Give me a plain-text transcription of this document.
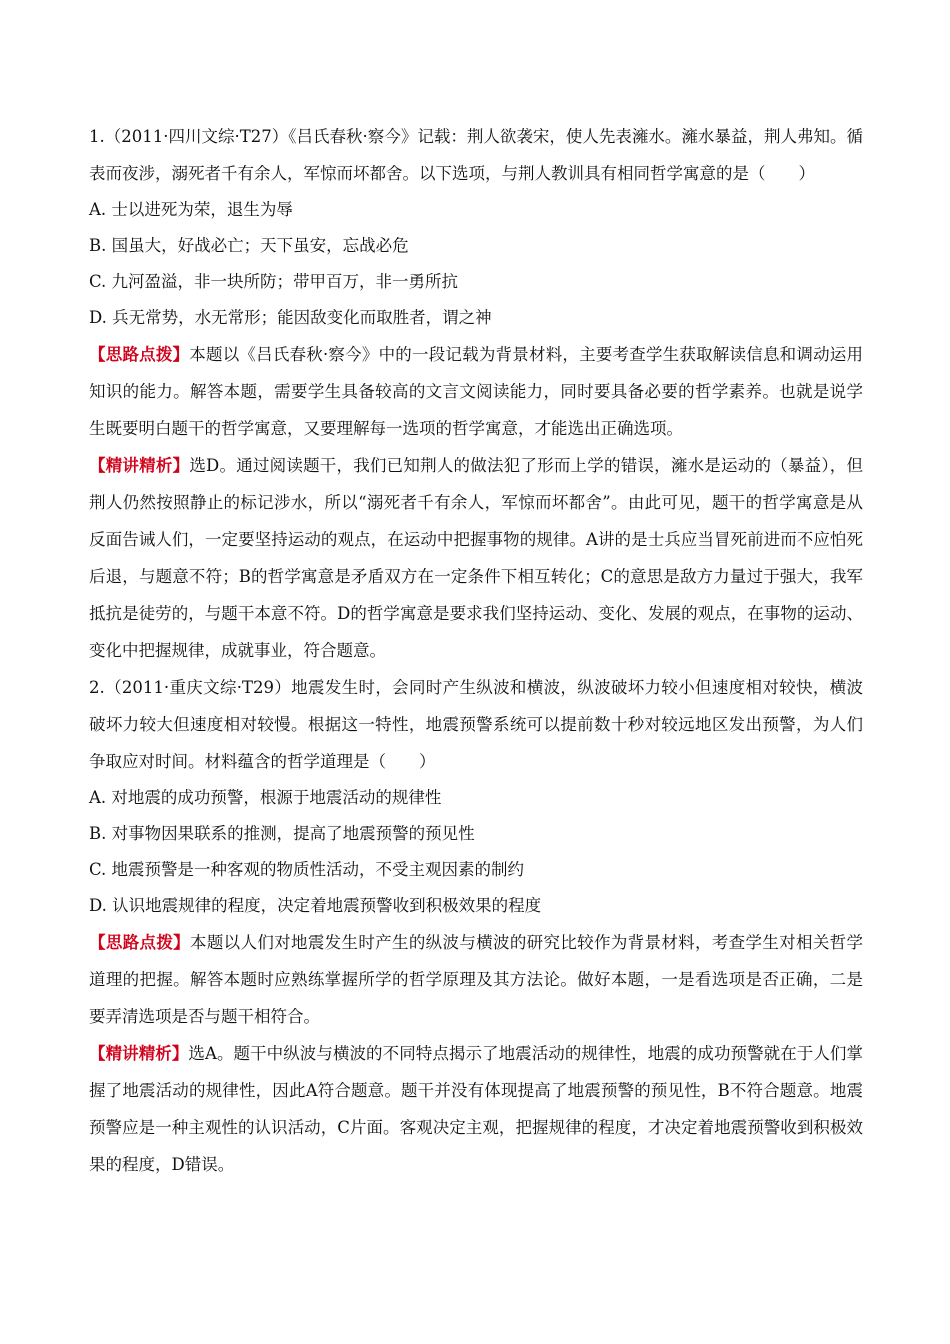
1.（2011·四川文综·T27）《吕氏春秋·察今》记载：荆人欲袭宋，使人先表澭水。澭水暴益，荆人弗知。循表而夜涉，溺死者千有余人，军惊而坏都舍。以下选项，与荆人教训具有相同哲学寓意的是（　　）

A. 士以进死为荣，退生为辱

B. 国虽大，好战必亡；天下虽安，忘战必危

C. 九河盈溢，非一块所防；带甲百万，非一勇所抗

D. 兵无常势，水无常形；能因敌变化而取胜者，谓之神

【思路点拨】本题以《吕氏春秋·察今》中的一段记载为背景材料，主要考查学生获取解读信息和调动运用知识的能力。解答本题，需要学生具备较高的文言文阅读能力，同时要具备必要的哲学素养。也就是说学生既要明白题干的哲学寓意，又要理解每一选项的哲学寓意，才能选出正确选项。

【精讲精析】选D。通过阅读题干，我们已知荆人的做法犯了形而上学的错误，澭水是运动的（暴益），但荆人仍然按照静止的标记涉水，所以“溺死者千有余人，军惊而坏都舍”。由此可见，题干的哲学寓意是从反面告诫人们，一定要坚持运动的观点，在运动中把握事物的规律。A讲的是士兵应当冒死前进而不应怕死后退，与题意不符；B的哲学寓意是矛盾双方在一定条件下相互转化；C的意思是敌方力量过于强大，我军抵抗是徒劳的，与题干本意不符。D的哲学寓意是要求我们坚持运动、变化、发展的观点，在事物的运动、变化中把握规律，成就事业，符合题意。

2.（2011·重庆文综·T29）地震发生时，会同时产生纵波和横波，纵波破坏力较小但速度相对较快，横波破坏力较大但速度相对较慢。根据这一特性，地震预警系统可以提前数十秒对较远地区发出预警，为人们争取应对时间。材料蕴含的哲学道理是（　　）

A. 对地震的成功预警，根源于地震活动的规律性

B. 对事物因果联系的推测，提高了地震预警的预见性

C. 地震预警是一种客观的物质性活动，不受主观因素的制约

D. 认识地震规律的程度，决定着地震预警收到积极效果的程度

【思路点拨】本题以人们对地震发生时产生的纵波与横波的研究比较作为背景材料，考查学生对相关哲学道理的把握。解答本题时应熟练掌握所学的哲学原理及其方法论。做好本题，一是看选项是否正确，二是要弄清选项是否与题干相符合。

【精讲精析】选A。题干中纵波与横波的不同特点揭示了地震活动的规律性，地震的成功预警就在于人们掌握了地震活动的规律性，因此A符合题意。题干并没有体现提高了地震预警的预见性，B不符合题意。地震预警应是一种主观性的认识活动，C片面。客观决定主观，把握规律的程度，才决定着地震预警收到积极效果的程度，D错误。
